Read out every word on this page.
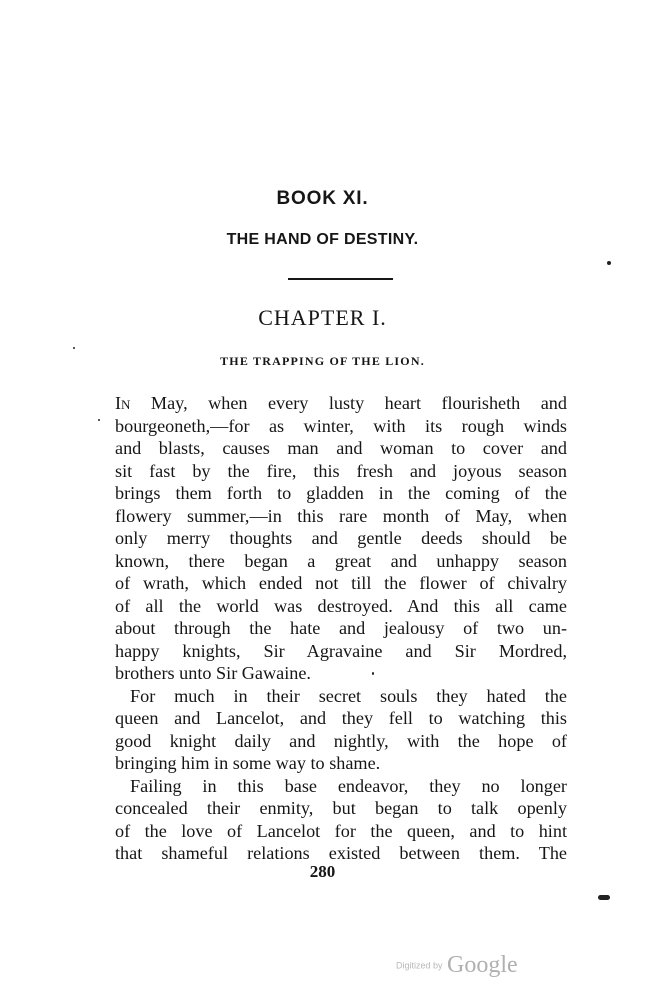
BOOK XI.
THE HAND OF DESTINY.
CHAPTER I.
THE TRAPPING OF THE LION.
In May, when every lusty heart flourisheth and
bourgeoneth,—for as winter, with its rough winds
and blasts, causes man and woman to cover and
sit fast by the fire, this fresh and joyous season
brings them forth to gladden in the coming of the
flowery summer,—in this rare month of May, when
only merry thoughts and gentle deeds should be
known, there began a great and unhappy season
of wrath, which ended not till the flower of chivalry
of all the world was destroyed. And this all came
about through the hate and jealousy of two un-
happy knights, Sir Agravaine and Sir Mordred,
brothers unto Sir Gawaine.
For much in their secret souls they hated the
queen and Lancelot, and they fell to watching this
good knight daily and nightly, with the hope of
bringing him in some way to shame.
Failing in this base endeavor, they no longer
concealed their enmity, but began to talk openly
of the love of Lancelot for the queen, and to hint
that shameful relations existed between them. The
280
Digitized by Google
